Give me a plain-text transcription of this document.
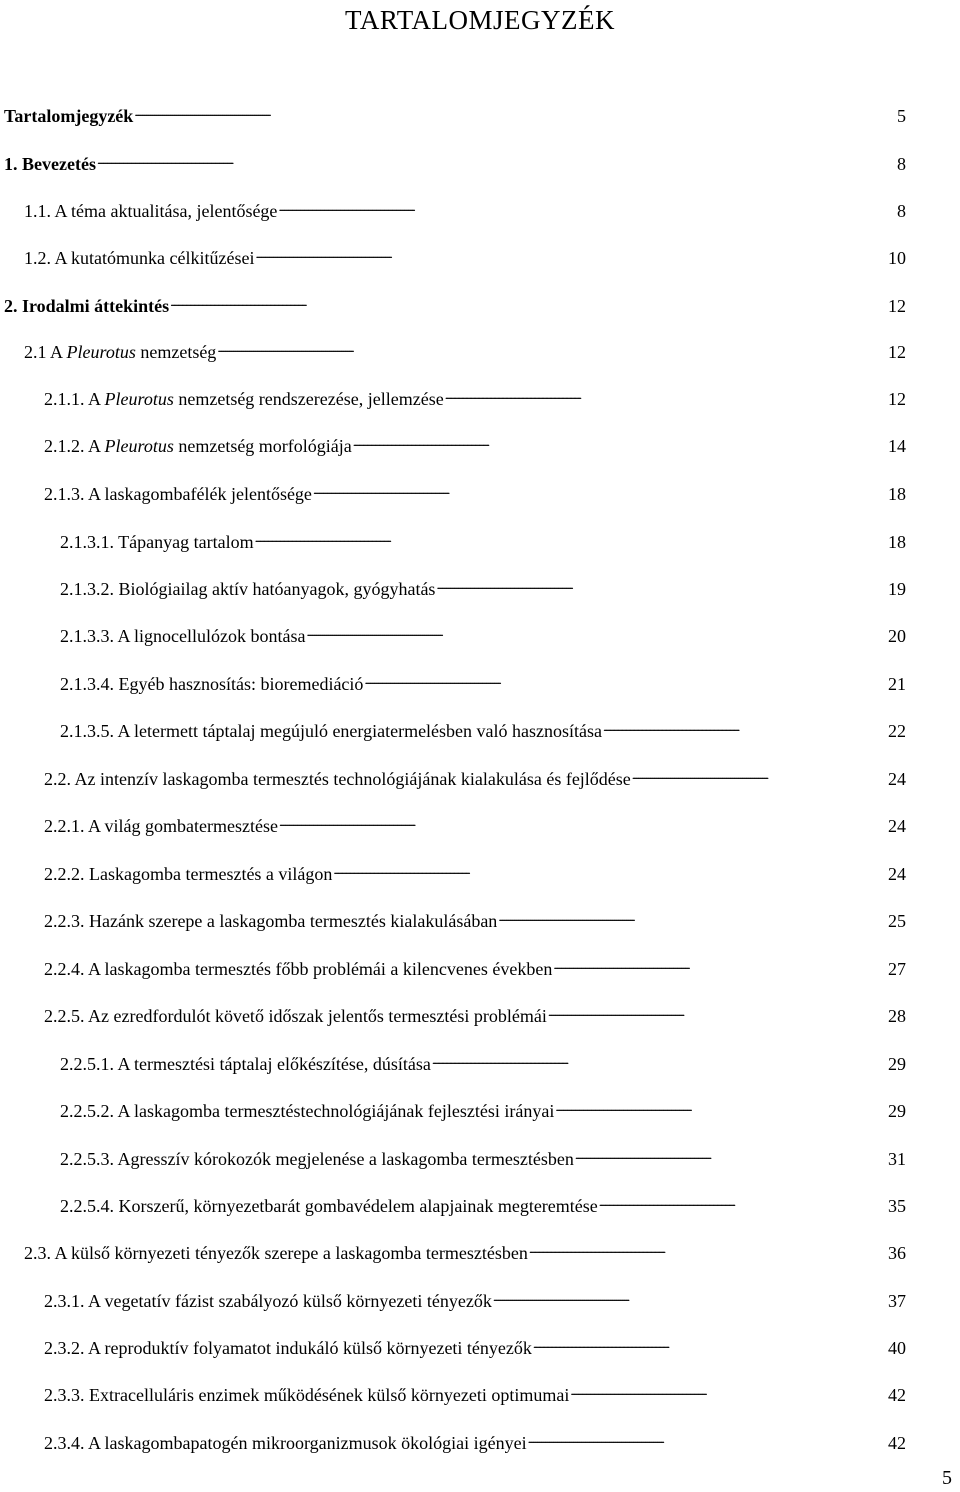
TARTALOMJEGYZÉK
Tartalomjegyzék . . .	5
1. Bevezetés . . .	8
1.1. A téma aktualitása, jelentősége . . .	8
1.2. A kutatómunka célkitűzései . . .	10
2. Irodalmi áttekintés . . .	12
2.1 A Pleurotus nemzetség . . .	12
2.1.1. A Pleurotus nemzetség rendszerezése, jellemzése . . .	12
2.1.2. A Pleurotus nemzetség morfológiája . . .	14
2.1.3. A laskagombafélék jelentősége . . .	18
2.1.3.1. Tápanyag tartalom . . .	18
2.1.3.2. Biológiailag aktív hatóanyagok, gyógyhatás . . .	19
2.1.3.3. A lignocellulózok bontása . . .	20
2.1.3.4. Egyéb hasznosítás: bioremediáció . . .	21
2.1.3.5. A letermett táptalaj megújuló energiatermelésben való hasznosítása . . .	22
2.2. Az intenzív laskagomba termesztés technológiájának kialakulása és fejlődése . . .	24
2.2.1. A világ gombatermesztése . . .	24
2.2.2. Laskagomba termesztés a világon . . .	24
2.2.3. Hazánk szerepe a laskagomba termesztés kialakulásában . . .	25
2.2.4. A laskagomba termesztés főbb problémái a kilencvenes években . . .	27
2.2.5. Az ezredfordulót követő időszak jelentős termesztési problémái . . .	28
2.2.5.1. A termesztési táptalaj előkészítése, dúsítása . . .	29
2.2.5.2. A laskagomba termesztéstechnológiájának fejlesztési irányai . . .	29
2.2.5.3. Agresszív kórokozók megjelenése a laskagomba termesztésben . . .	31
2.2.5.4. Korszerű, környezetbarát gombavédelem alapjainak megteremtése . . .	35
2.3. A külső környezeti tényezők szerepe a laskagomba termesztésben . . .	36
2.3.1. A vegetatív fázist szabályozó külső környezeti tényezők . . .	37
2.3.2. A reproduktív folyamatot indukáló külső környezeti tényezők . . .	40
2.3.3. Extracelluláris enzimek működésének külső környezeti optimumai . . .	42
2.3.4. A laskagombapatogén mikroorganizmusok ökológiai igényei . . .	42
5
